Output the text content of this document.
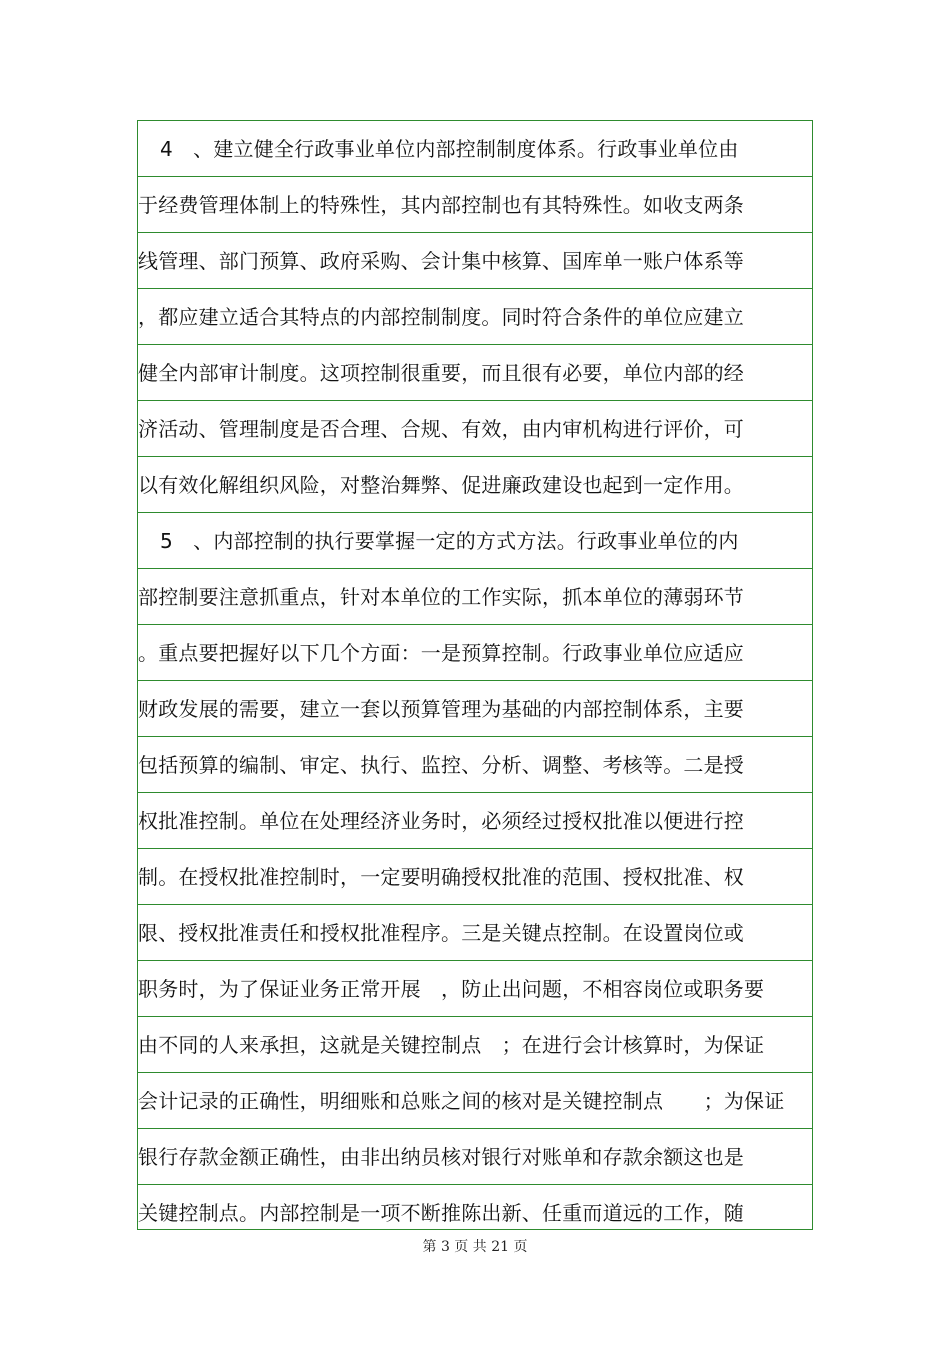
4　、建立健全行政事业单位内部控制制度体系。行政事业单位由
于经费管理体制上的特殊性，其内部控制也有其特殊性。如收支两条
线管理、部门预算、政府采购、会计集中核算、国库单一账户体系等
，都应建立适合其特点的内部控制制度。同时符合条件的单位应建立
健全内部审计制度。这项控制很重要，而且很有必要，单位内部的经
济活动、管理制度是否合理、合规、有效，由内审机构进行评价，可
以有效化解组织风险，对整治舞弊、促进廉政建设也起到一定作用。
5　、内部控制的执行要掌握一定的方式方法。行政事业单位的内
部控制要注意抓重点，针对本单位的工作实际，抓本单位的薄弱环节
。重点要把握好以下几个方面：一是预算控制。行政事业单位应适应
财政发展的需要，建立一套以预算管理为基础的内部控制体系，主要
包括预算的编制、审定、执行、监控、分析、调整、考核等。二是授
权批准控制。单位在处理经济业务时，必须经过授权批准以便进行控
制。在授权批准控制时，一定要明确授权批准的范围、授权批准、权
限、授权批准责任和授权批准程序。三是关键点控制。在设置岗位或
职务时，为了保证业务正常开展　，防止出问题，不相容岗位或职务要
由不同的人来承担，这就是关键控制点　；在进行会计核算时，为保证
会计记录的正确性，明细账和总账之间的核对是关键控制点　　；为保证
银行存款金额正确性，由非出纳员核对银行对账单和存款余额这也是
关键控制点。内部控制是一项不断推陈出新、任重而道远的工作，随
第 3 页 共 21 页
